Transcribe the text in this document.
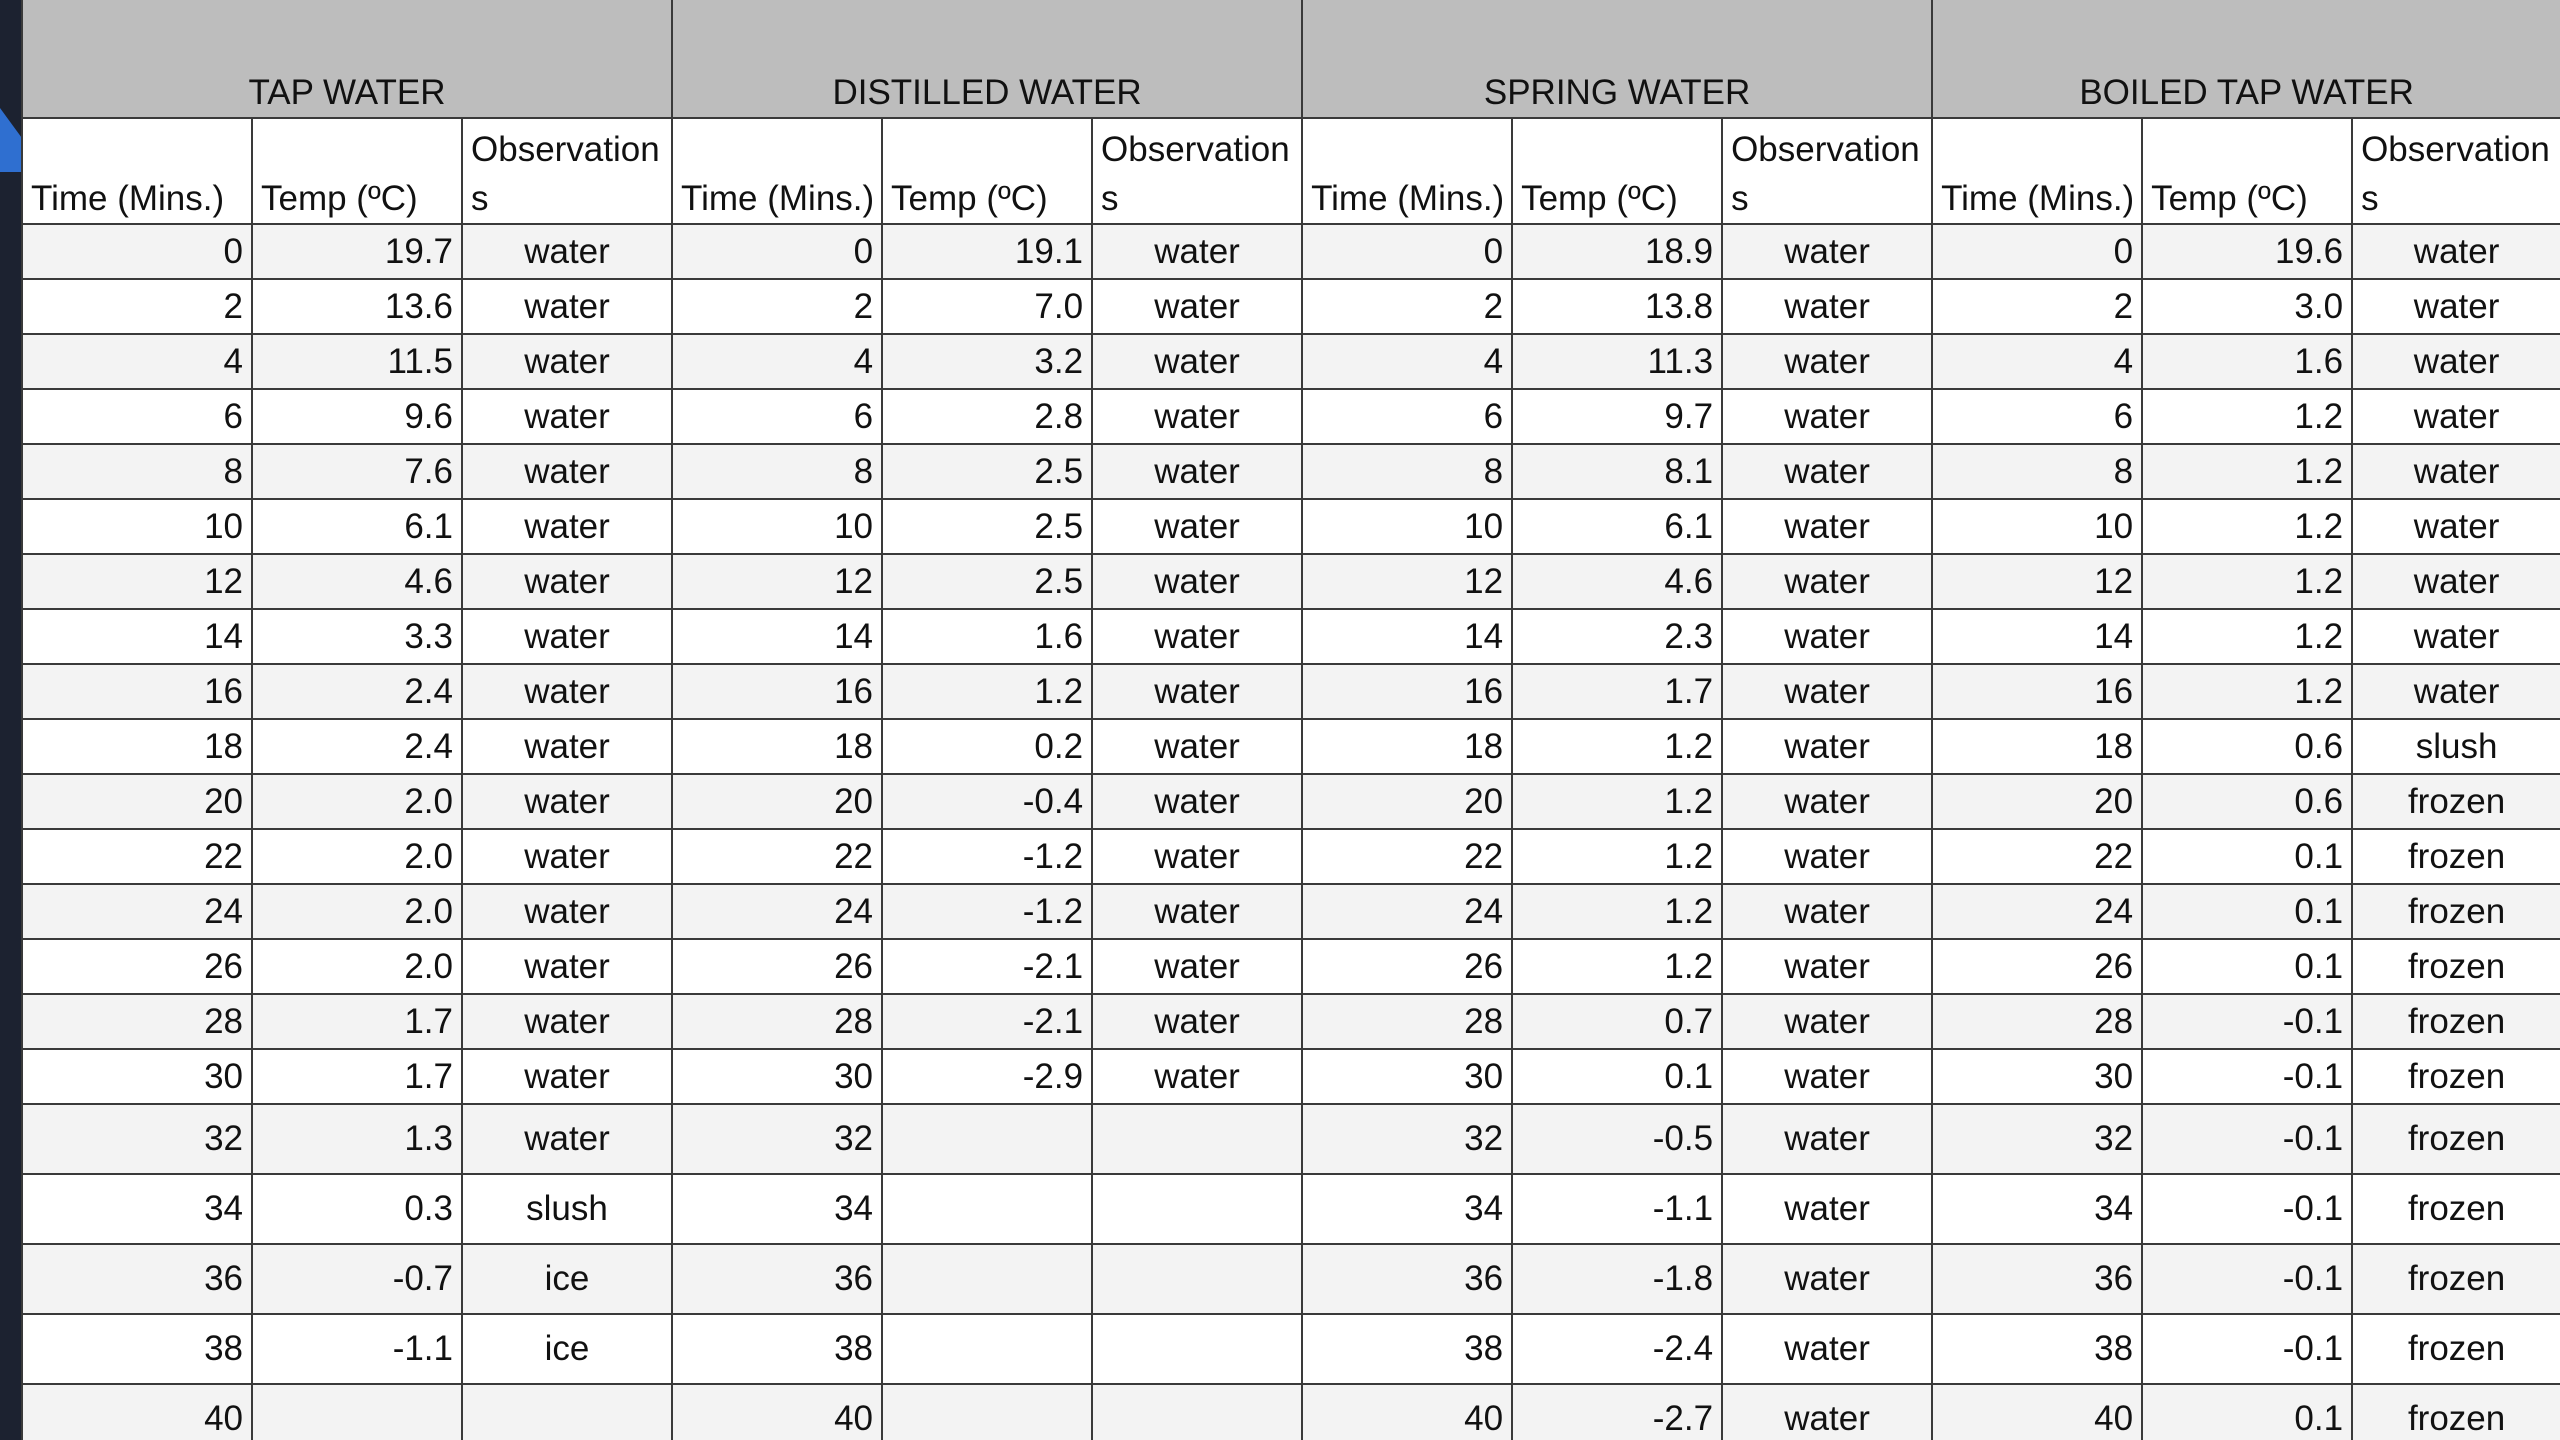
TAP WATER			DISTILLED WATER			SPRING WATER			BOILED TAP WATER		
Time (Mins.)	Temp (ºC)	Observation s	Time (Mins.)	Temp (ºC)	Observation s	Time (Mins.)	Temp (ºC)	Observation s	Time (Mins.)	Temp (ºC)	Observation s
0	19.7	water	0	19.1	water	0	18.9	water	0	19.6	water
2	13.6	water	2	7.0	water	2	13.8	water	2	3.0	water
4	11.5	water	4	3.2	water	4	11.3	water	4	1.6	water
6	9.6	water	6	2.8	water	6	9.7	water	6	1.2	water
8	7.6	water	8	2.5	water	8	8.1	water	8	1.2	water
10	6.1	water	10	2.5	water	10	6.1	water	10	1.2	water
12	4.6	water	12	2.5	water	12	4.6	water	12	1.2	water
14	3.3	water	14	1.6	water	14	2.3	water	14	1.2	water
16	2.4	water	16	1.2	water	16	1.7	water	16	1.2	water
18	2.4	water	18	0.2	water	18	1.2	water	18	0.6	slush
20	2.0	water	20	-0.4	water	20	1.2	water	20	0.6	frozen
22	2.0	water	22	-1.2	water	22	1.2	water	22	0.1	frozen
24	2.0	water	24	-1.2	water	24	1.2	water	24	0.1	frozen
26	2.0	water	26	-2.1	water	26	1.2	water	26	0.1	frozen
28	1.7	water	28	-2.1	water	28	0.7	water	28	-0.1	frozen
30	1.7	water	30	-2.9	water	30	0.1	water	30	-0.1	frozen
32	1.3	water	32			32	-0.5	water	32	-0.1	frozen
34	0.3	slush	34			34	-1.1	water	34	-0.1	frozen
36	-0.7	ice	36			36	-1.8	water	36	-0.1	frozen
38	-1.1	ice	38			38	-2.4	water	38	-0.1	frozen
40			40			40	-2.7	water	40	0.1	frozen
